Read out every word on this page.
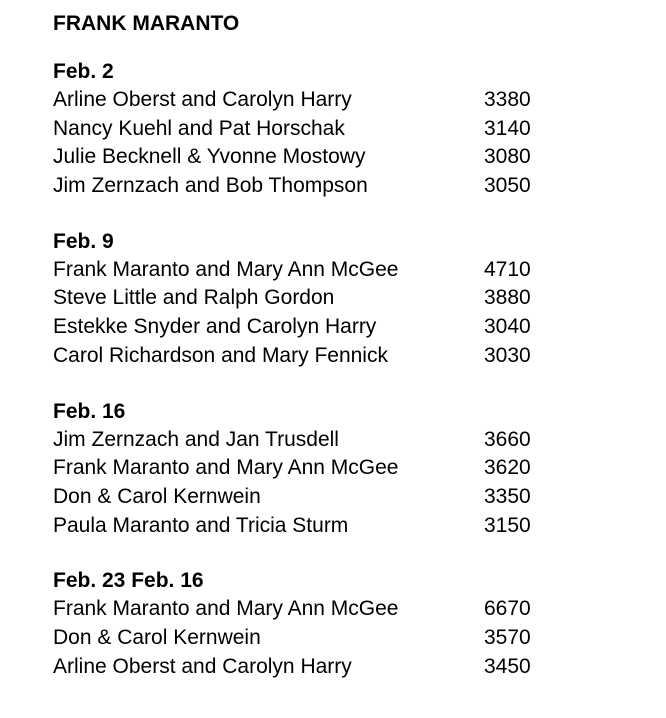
FRANK MARANTO
Feb. 2
Arline Oberst and Carolyn Harry	3380
Nancy Kuehl and Pat Horschak	3140
Julie Becknell & Yvonne Mostowy	3080
Jim Zernzach and Bob Thompson	3050
Feb. 9
Frank Maranto and Mary Ann McGee	4710
Steve Little and Ralph Gordon	3880
Estekke Snyder and Carolyn Harry	3040
Carol Richardson and Mary Fennick	3030
Feb. 16
Jim Zernzach and Jan Trusdell	3660
Frank Maranto and Mary Ann McGee	3620
Don & Carol Kernwein	3350
Paula Maranto and Tricia Sturm	3150
Feb. 23 Feb. 16
Frank Maranto and Mary Ann McGee	6670
Don & Carol Kernwein	3570
Arline Oberst and Carolyn Harry	3450
